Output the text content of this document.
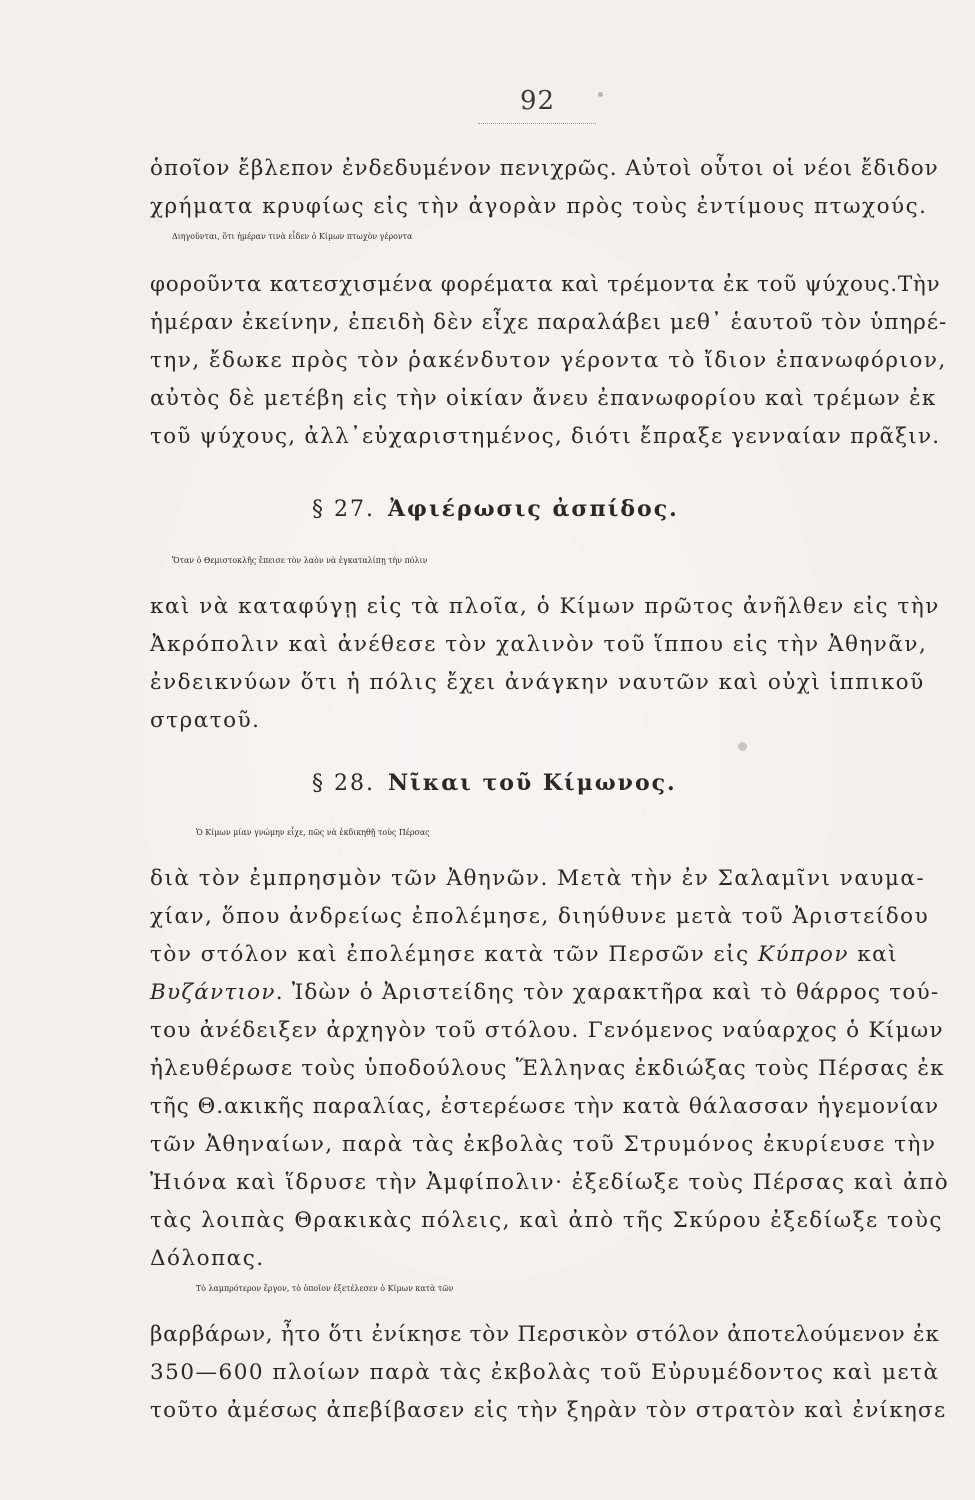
92
ὁποῖον ἔβλεπον ἐνδεδυμένον πενιχρῶς. Αὐτοὶ οὗτοι οἱ νέοι ἔδιδον
χρήματα κρυφίως εἰς τὴν ἀγορὰν πρὸς τοὺς ἐντίμους πτωχούς.
Διηγοῦνται, ὅτι ἡμέραν τινὰ εἶδεν ὁ Κίμων πτωχὸν γέροντα
φοροῦντα κατεσχισμένα φορέματα καὶ τρέμοντα ἐκ τοῦ ψύχους.Τὴν
ἡμέραν ἐκείνην, ἐπειδὴ δὲν εἶχε παραλάβει μεθ᾽ ἑαυτοῦ τὸν ὑπηρέ-
την, ἔδωκε πρὸς τὸν ῥακένδυτον γέροντα τὸ ἴδιον ἐπανωφόριον,
αὐτὸς δὲ μετέβη εἰς τὴν οἰκίαν ἄνευ ἐπανωφορίου καὶ τρέμων ἐκ
τοῦ ψύχους, ἀλλ᾽εὐχαριστημένος, διότι ἔπραξε γενναίαν πρᾶξιν.
§ 27. Ἀφιέρωσις ἀσπίδος.
Ὅταν ὁ Θεμιστοκλῆς ἔπεισε τὸν λαὸν νὰ ἐγκαταλίπῃ τὴν πόλιν
καὶ νὰ καταφύγῃ εἰς τὰ πλοῖα, ὁ Κίμων πρῶτος ἀνῆλθεν εἰς τὴν
Ἀκρόπολιν καὶ ἀνέθεσε τὸν χαλινὸν τοῦ ἵππου εἰς τὴν Ἀθηνᾶν,
ἐνδεικνύων ὅτι ἡ πόλις ἔχει ἀνάγκην ναυτῶν καὶ οὐχὶ ἱππικοῦ
στρατοῦ.
§ 28. Νῖκαι τοῦ Κίμωνος.
Ὁ Κίμων μίαν γνώμην εἶχε, πῶς νὰ ἐκδικηθῇ τοὺς Πέρσας
διὰ τὸν ἐμπρησμὸν τῶν Ἀθηνῶν. Μετὰ τὴν ἐν Σαλαμῖνι ναυμα-
χίαν, ὅπου ἀνδρείως ἐπολέμησε, διηύθυνε μετὰ τοῦ Ἀριστείδου
τὸν στόλον καὶ ἐπολέμησε κατὰ τῶν Περσῶν εἰς Κύπρον καὶ
Βυζάντιον. Ἰδὼν ὁ Ἀριστείδης τὸν χαρακτῆρα καὶ τὸ θάρρος τού-
του ἀνέδειξεν ἀρχηγὸν τοῦ στόλου. Γενόμενος ναύαρχος ὁ Κίμων
ἠλευθέρωσε τοὺς ὑποδούλους Ἕλληνας ἐκδιώξας τοὺς Πέρσας ἐκ
τῆς Θ.ακικῆς παραλίας, ἐστερέωσε τὴν κατὰ θάλασσαν ἡγεμονίαν
τῶν Ἀθηναίων, παρὰ τὰς ἐκβολὰς τοῦ Στρυμόνος ἐκυρίευσε τὴν
Ἠιόνα καὶ ἵδρυσε τὴν Ἀμφίπολιν· ἐξεδίωξε τοὺς Πέρσας καὶ ἀπὸ
τὰς λοιπὰς Θρακικὰς πόλεις, καὶ ἀπὸ τῆς Σκύρου ἐξεδίωξε τοὺς
Δόλοπας.
Τὸ λαμπρότερον ἔργον, τὸ ὁποῖον ἐξετέλεσεν ὁ Κίμων κατὰ τῶν
βαρβάρων, ἦτο ὅτι ἐνίκησε τὸν Περσικὸν στόλον ἀποτελούμενον ἐκ
350—600 πλοίων παρὰ τὰς ἐκβολὰς τοῦ Εὐρυμέδοντος καὶ μετὰ
τοῦτο ἀμέσως ἀπεβίβασεν εἰς τὴν ξηρὰν τὸν στρατὸν καὶ ἐνίκησε
